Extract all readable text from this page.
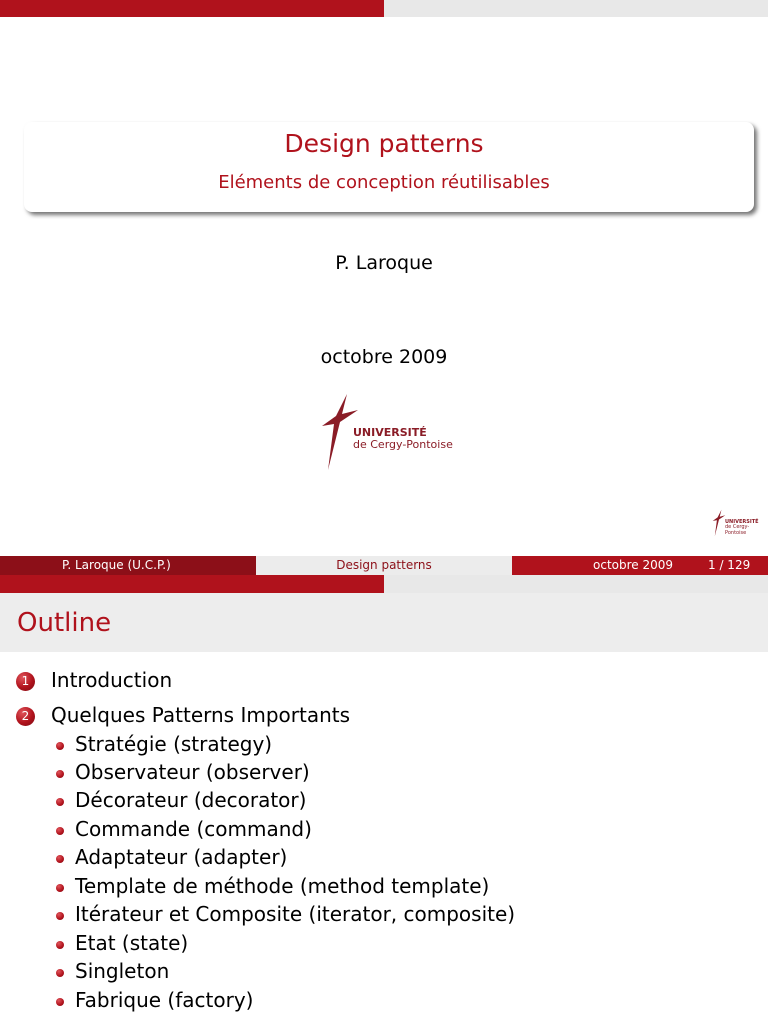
Design patterns
Eléments de conception réutilisables
P. Laroque
octobre 2009
UNIVERSITÉ
de Cergy-Pontoise
UNIVERSITÉ
de Cergy-Pontoise
P. Laroque (U.C.P.)	Design patterns	octobre 2009	1 / 129
Outline
1 Introduction
2 Quelques Patterns Importants
Stratégie (strategy)
Observateur (observer)
Décorateur (decorator)
Commande (command)
Adaptateur (adapter)
Template de méthode (method template)
Itérateur et Composite (iterator, composite)
Etat (state)
Singleton
Fabrique (factory)
